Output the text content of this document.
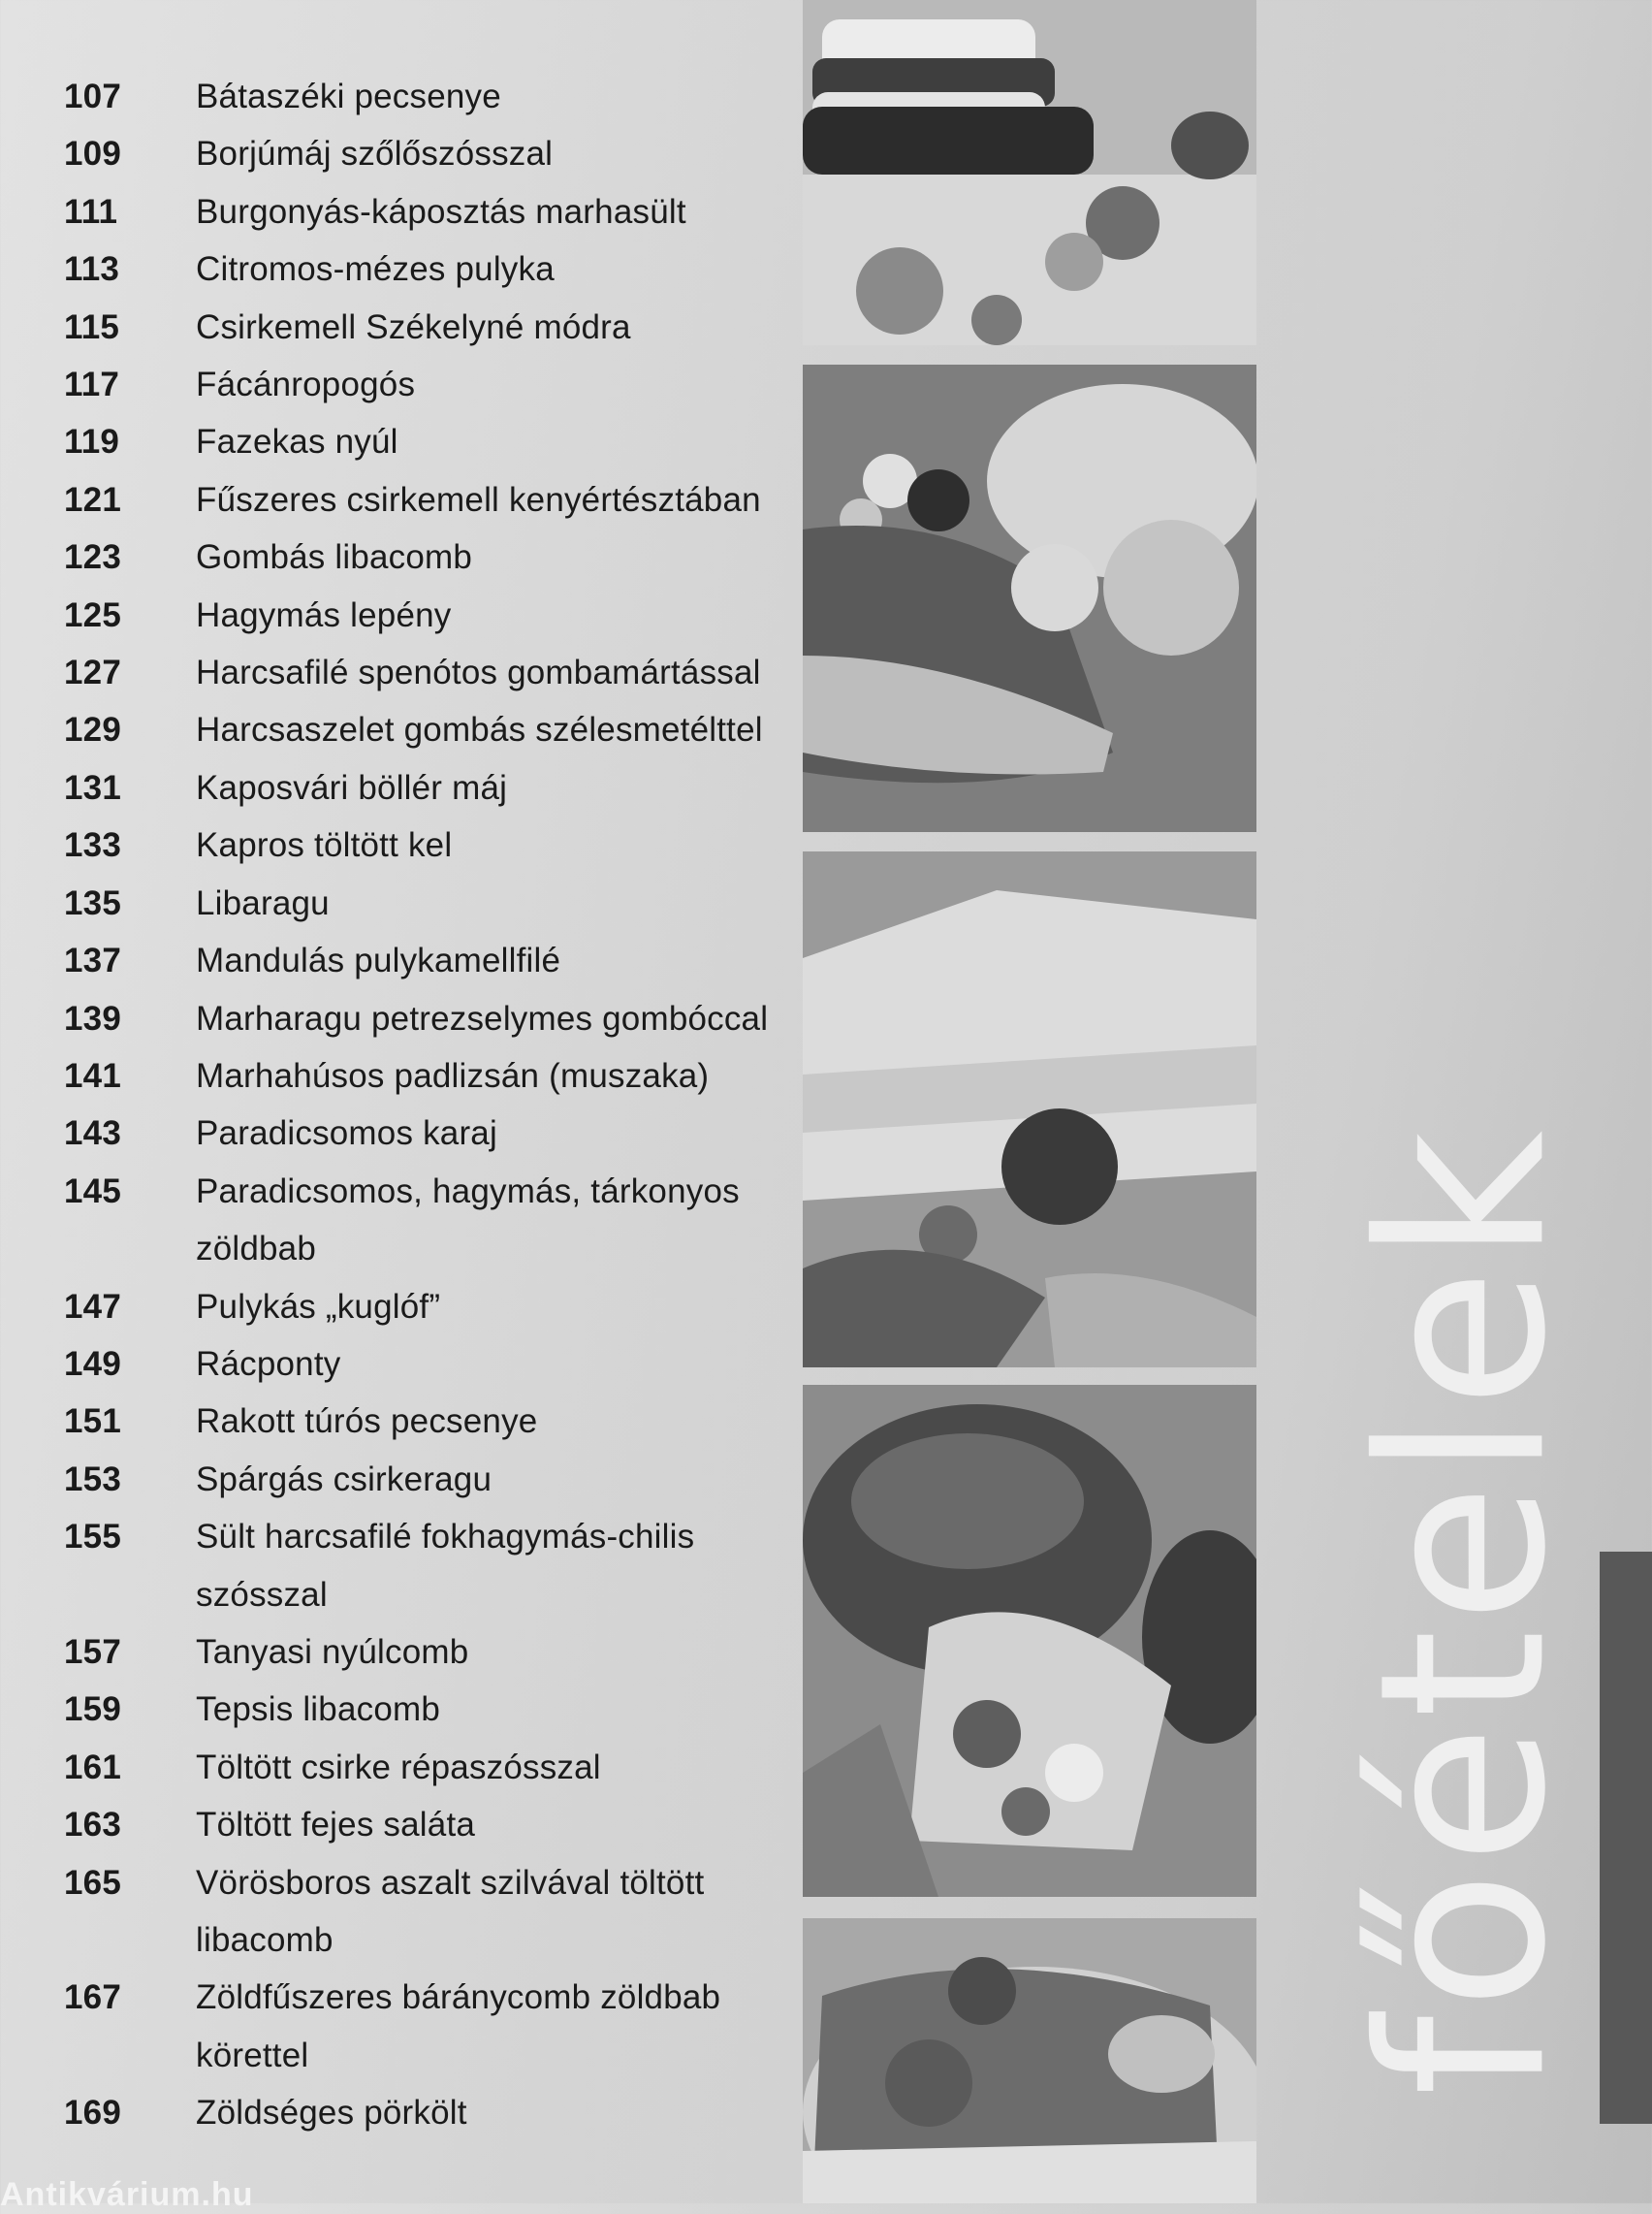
107	Bátaszéki pecsenye
109	Borjúmáj szőlőszósszal
111	Burgonyás-káposztás marhasült
113	Citromos-mézes pulyka
115	Csirkemell Székelyné módra
117	Fácánropogós
119	Fazekas nyúl
121	Fűszeres csirkemell kenyértésztában
123	Gombás libacomb
125	Hagymás lepény
127	Harcsafilé spenótos gombamártással
129	Harcsaszelet gombás szélesmetélttel
131	Kaposvári böllér máj
133	Kapros töltött kel
135	Libaragu
137	Mandulás pulykamellfilé
139	Marharagu petrezselymes gombóccal
141	Marhahúsos padlizsán (muszaka)
143	Paradicsomos karaj
145	Paradicsomos, hagymás, tárkonyos
zöldbab
147	Pulykás „kuglóf”
149	Rácponty
151	Rakott túrós pecsenye
153	Spárgás csirkeragu
155	Sült harcsafilé fokhagymás-chilis
szósszal
157	Tanyasi nyúlcomb
159	Tepsis libacomb
161	Töltött csirke répaszósszal
163	Töltött fejes saláta
165	Vörösboros aszalt szilvával töltött
libacomb
167	Zöldfűszeres báránycomb zöldbab
körettel
169	Zöldséges pörkölt
főételek
Antikvárium.hu
